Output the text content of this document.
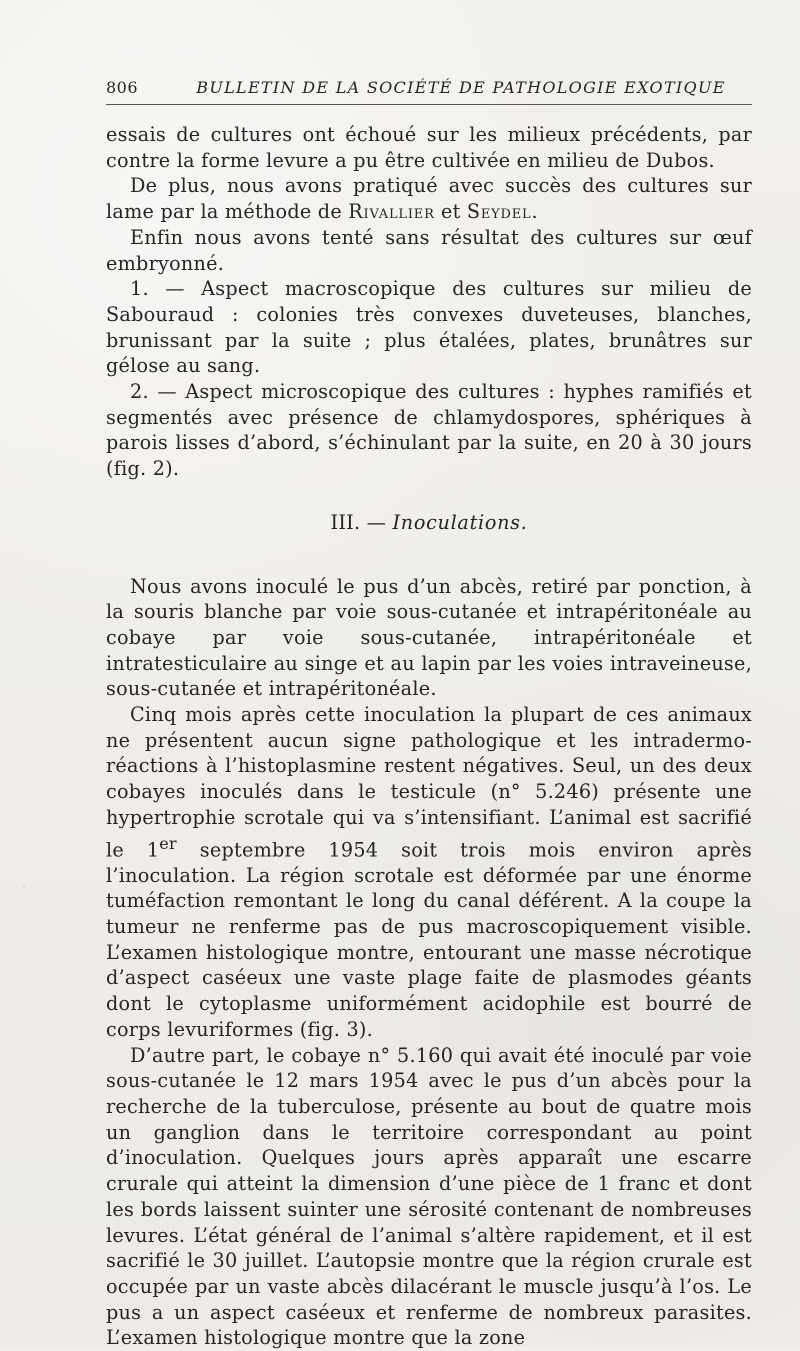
806	BULLETIN DE LA SOCIÉTÉ DE PATHOLOGIE EXOTIQUE

essais de cultures ont échoué sur les milieux précédents, par contre la forme levure a pu être cultivée en milieu de Dubos.

De plus, nous avons pratiqué avec succès des cultures sur lame par la méthode de Rivallier et Seydel.

Enfin nous avons tenté sans résultat des cultures sur œuf embryonné.

1. — Aspect macroscopique des cultures sur milieu de Sabouraud : colonies très convexes duveteuses, blanches, brunissant par la suite ; plus étalées, plates, brunâtres sur gélose au sang.

2. — Aspect microscopique des cultures : hyphes ramifiés et segmentés avec présence de chlamydospores, sphériques à parois lisses d’abord, s’échinulant par la suite, en 20 à 30 jours (fig. 2).

III. — Inoculations.

Nous avons inoculé le pus d’un abcès, retiré par ponction, à la souris blanche par voie sous-cutanée et intrapéritonéale au cobaye par voie sous-cutanée, intrapéritonéale et intratesticulaire au singe et au lapin par les voies intraveineuse, sous-cutanée et intrapéritonéale.

Cinq mois après cette inoculation la plupart de ces animaux ne présentent aucun signe pathologique et les intradermo-réactions à l’histoplasmine restent négatives. Seul, un des deux cobayes inoculés dans le testicule (n° 5.246) présente une hypertrophie scrotale qui va s’intensifiant. L’animal est sacrifié le 1er septembre 1954 soit trois mois environ après l’inoculation. La région scrotale est déformée par une énorme tuméfaction remontant le long du canal déférent. A la coupe la tumeur ne renferme pas de pus macroscopiquement visible. L’examen histologique montre, entourant une masse nécrotique d’aspect caséeux une vaste plage faite de plasmodes géants dont le cytoplasme uniformément acidophile est bourré de corps levuriformes (fig. 3).

D’autre part, le cobaye n° 5.160 qui avait été inoculé par voie sous-cutanée le 12 mars 1954 avec le pus d’un abcès pour la recherche de la tuberculose, présente au bout de quatre mois un ganglion dans le territoire correspondant au point d’inoculation. Quelques jours après apparaît une escarre crurale qui atteint la dimension d’une pièce de 1 franc et dont les bords laissent suinter une sérosité contenant de nombreuses levures. L’état général de l’animal s’altère rapidement, et il est sacrifié le 30 juillet. L’autopsie montre que la région crurale est occupée par un vaste abcès dilacérant le muscle jusqu’à l’os. Le pus a un aspect caséeux et renferme de nombreux parasites. L’examen histologique montre que la zone
